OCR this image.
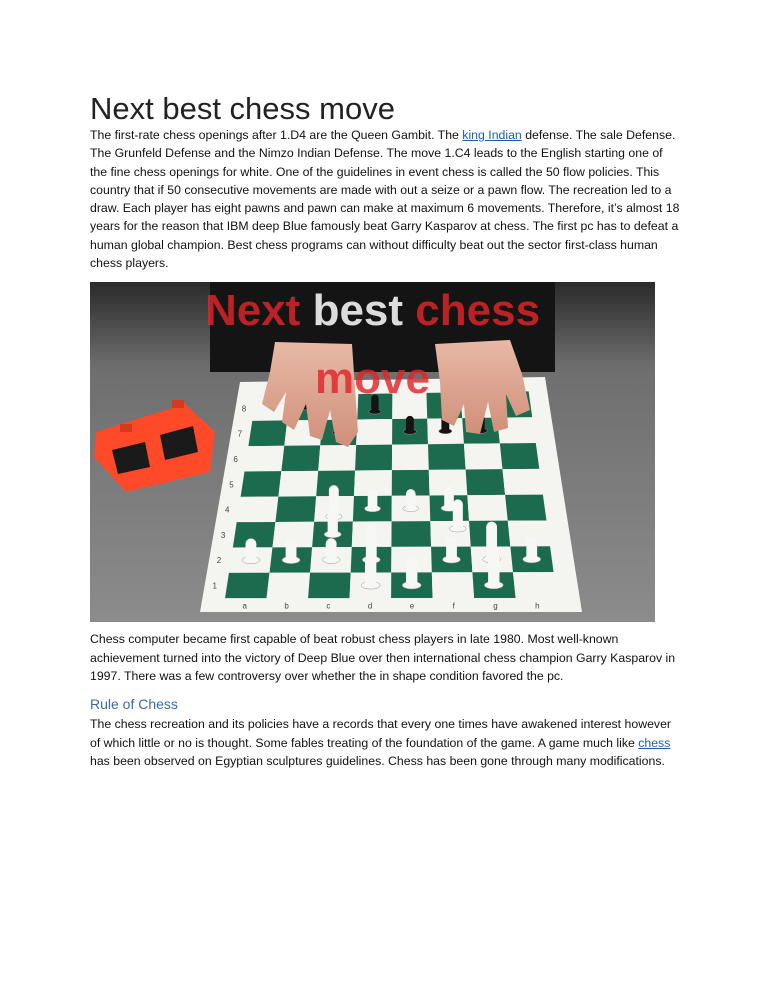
Next best chess move

The first-rate chess openings after 1.D4 are the Queen Gambit. The king Indian defense. The sale Defense. The Grunfeld Defense and the Nimzo Indian Defense. The move 1.C4 leads to the English starting one of the fine chess openings for white. One of the guidelines in event chess is called the 50 flow policies. This country that if 50 consecutive movements are made with out a seize or a pawn flow. The recreation led to a draw. Each player has eight pawns and pawn can make at maximum 6 movements. Therefore, it’s almost 18 years for the reason that IBM deep Blue famously beat Garry Kasparov at chess. The first pc has to defeat a human global champion. Best chess programs can without difficulty beat out the sector first-class human chess players.

a	b	c	d	e	f	g	h
1
2
3
4
5
6
7
8
Next best chess
move

Chess computer became first capable of beat robust chess players in late 1980. Most well-known achievement turned into the victory of Deep Blue over then international chess champion Garry Kasparov in 1997. There was a few controversy over whether the in shape condition favored the pc.

Rule of Chess

The chess recreation and its policies have a records that every one times have awakened interest however of which little or no is thought. Some fables treating of the foundation of the game. A game much like chess has been observed on Egyptian sculptures guidelines. Chess has been gone through many modifications.
